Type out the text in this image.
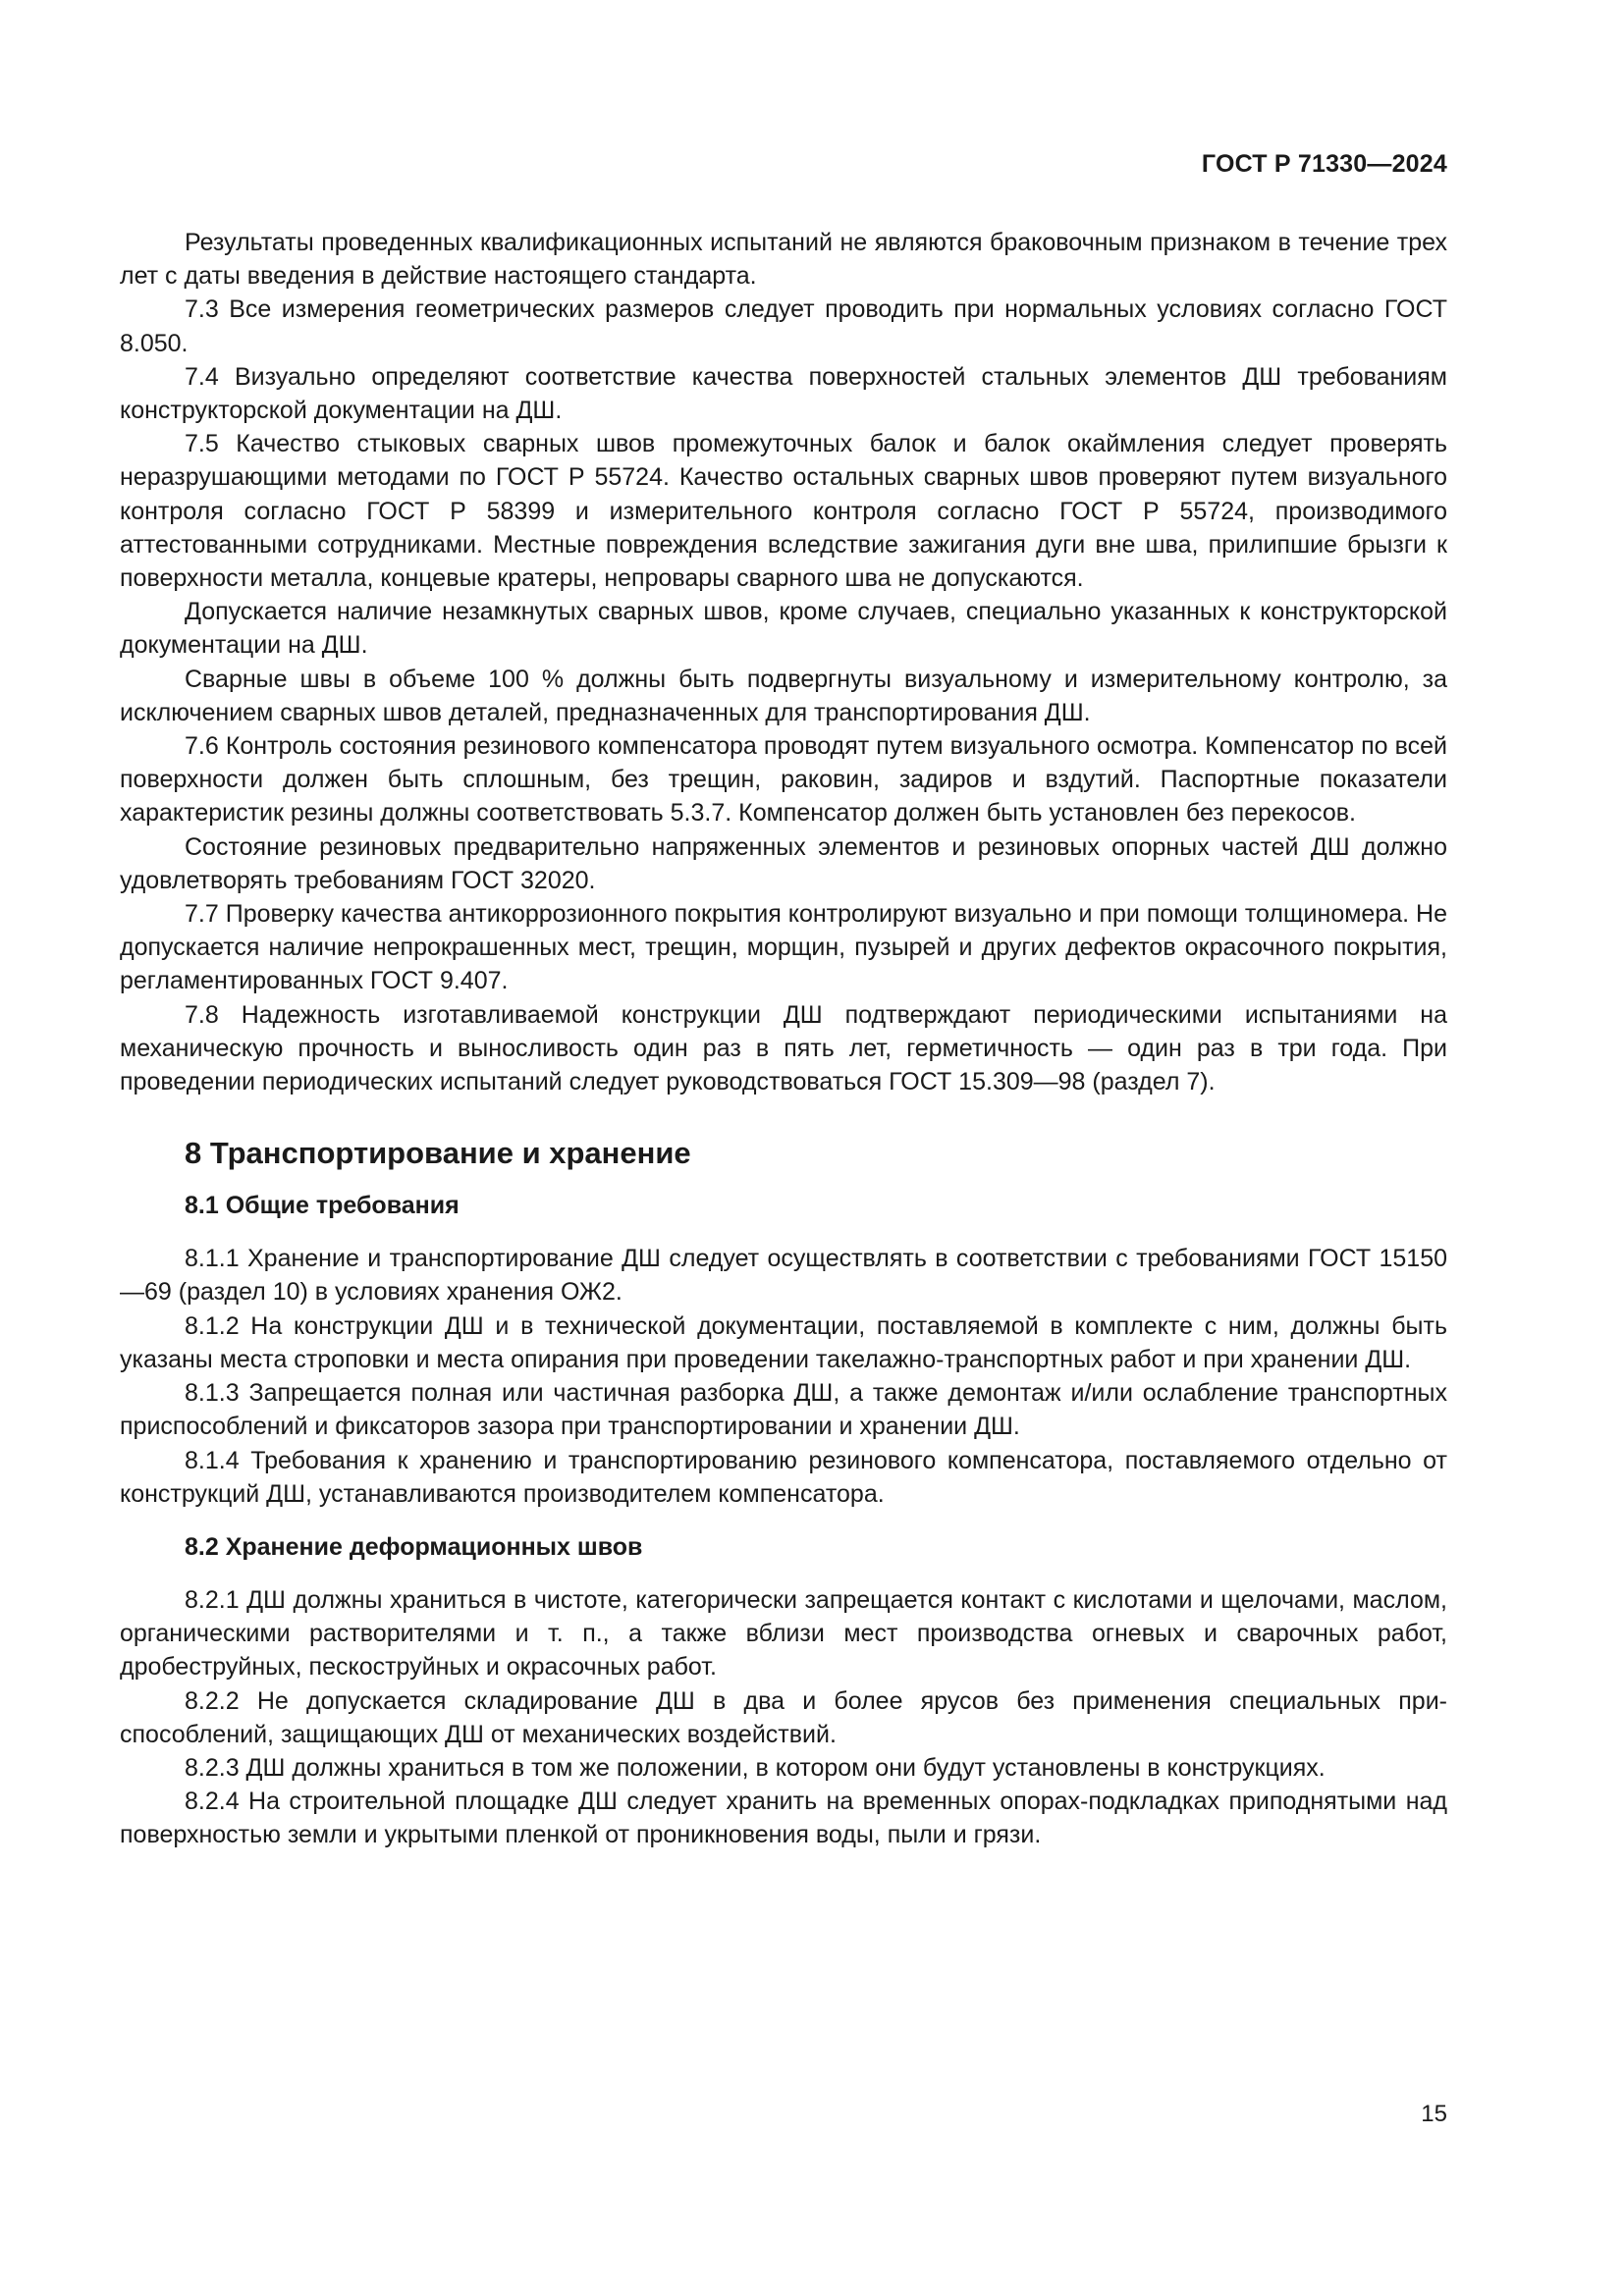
ГОСТ Р 71330—2024

Результаты проведенных квалификационных испытаний не являются браковочным признаком в течение трех лет с даты введения в действие настоящего стандарта.

7.3 Все измерения геометрических размеров следует проводить при нормальных условиях согласно ГОСТ 8.050.

7.4 Визуально определяют соответствие качества поверхностей стальных элементов ДШ требованиям конструкторской документации на ДШ.

7.5 Качество стыковых сварных швов промежуточных балок и балок окаймления следует проверять неразрушающими методами по ГОСТ Р 55724. Качество остальных сварных швов проверяют путем визуального контроля согласно ГОСТ Р 58399 и измерительного контроля согласно ГОСТ Р 55724, производимого аттестованными сотрудниками. Местные повреждения вследствие зажигания дуги вне шва, прилипшие брызги к поверхности металла, концевые кратеры, непровары сварного шва не допускаются.

Допускается наличие незамкнутых сварных швов, кроме случаев, специально указанных к конструкторской документации на ДШ.

Сварные швы в объеме 100 % должны быть подвергнуты визуальному и измерительному контролю, за исключением сварных швов деталей, предназначенных для транспортирования ДШ.

7.6 Контроль состояния резинового компенсатора проводят путем визуального осмотра. Компенсатор по всей поверхности должен быть сплошным, без трещин, раковин, задиров и вздутий. Паспортные показатели характеристик резины должны соответствовать 5.3.7. Компенсатор должен быть установлен без перекосов.

Состояние резиновых предварительно напряженных элементов и резиновых опорных частей ДШ должно удовлетворять требованиям ГОСТ 32020.

7.7 Проверку качества антикоррозионного покрытия контролируют визуально и при помощи толщиномера. Не допускается наличие непрокрашенных мест, трещин, морщин, пузырей и других дефектов окрасочного покрытия, регламентированных ГОСТ 9.407.

7.8 Надежность изготавливаемой конструкции ДШ подтверждают периодическими испытаниями на механическую прочность и выносливость один раз в пять лет, герметичность — один раз в три года. При проведении периодических испытаний следует руководствоваться ГОСТ 15.309—98 (раздел 7).

8 Транспортирование и хранение
8.1 Общие требования

8.1.1 Хранение и транспортирование ДШ следует осуществлять в соответствии с требованиями ГОСТ 15150—69 (раздел 10) в условиях хранения ОЖ2.

8.1.2 На конструкции ДШ и в технической документации, поставляемой в комплекте с ним, должны быть указаны места строповки и места опирания при проведении такелажно-транспортных работ и при хранении ДШ.

8.1.3 Запрещается полная или частичная разборка ДШ, а также демонтаж и/или ослабление транспортных приспособлений и фиксаторов зазора при транспортировании и хранении ДШ.

8.1.4 Требования к хранению и транспортированию резинового компенсатора, поставляемого отдельно от конструкций ДШ, устанавливаются производителем компенсатора.

8.2 Хранение деформационных швов

8.2.1 ДШ должны храниться в чистоте, категорически запрещается контакт с кислотами и щелочами, маслом, органическими растворителями и т. п., а также вблизи мест производства огневых и сварочных работ, дробеструйных, пескоструйных и окрасочных работ.

8.2.2 Не допускается складирование ДШ в два и более ярусов без применения специальных приспособлений, защищающих ДШ от механических воздействий.

8.2.3 ДШ должны храниться в том же положении, в котором они будут установлены в конструкциях.

8.2.4 На строительной площадке ДШ следует хранить на временных опорах-подкладках приподнятыми над поверхностью земли и укрытыми пленкой от проникновения воды, пыли и грязи.

15
